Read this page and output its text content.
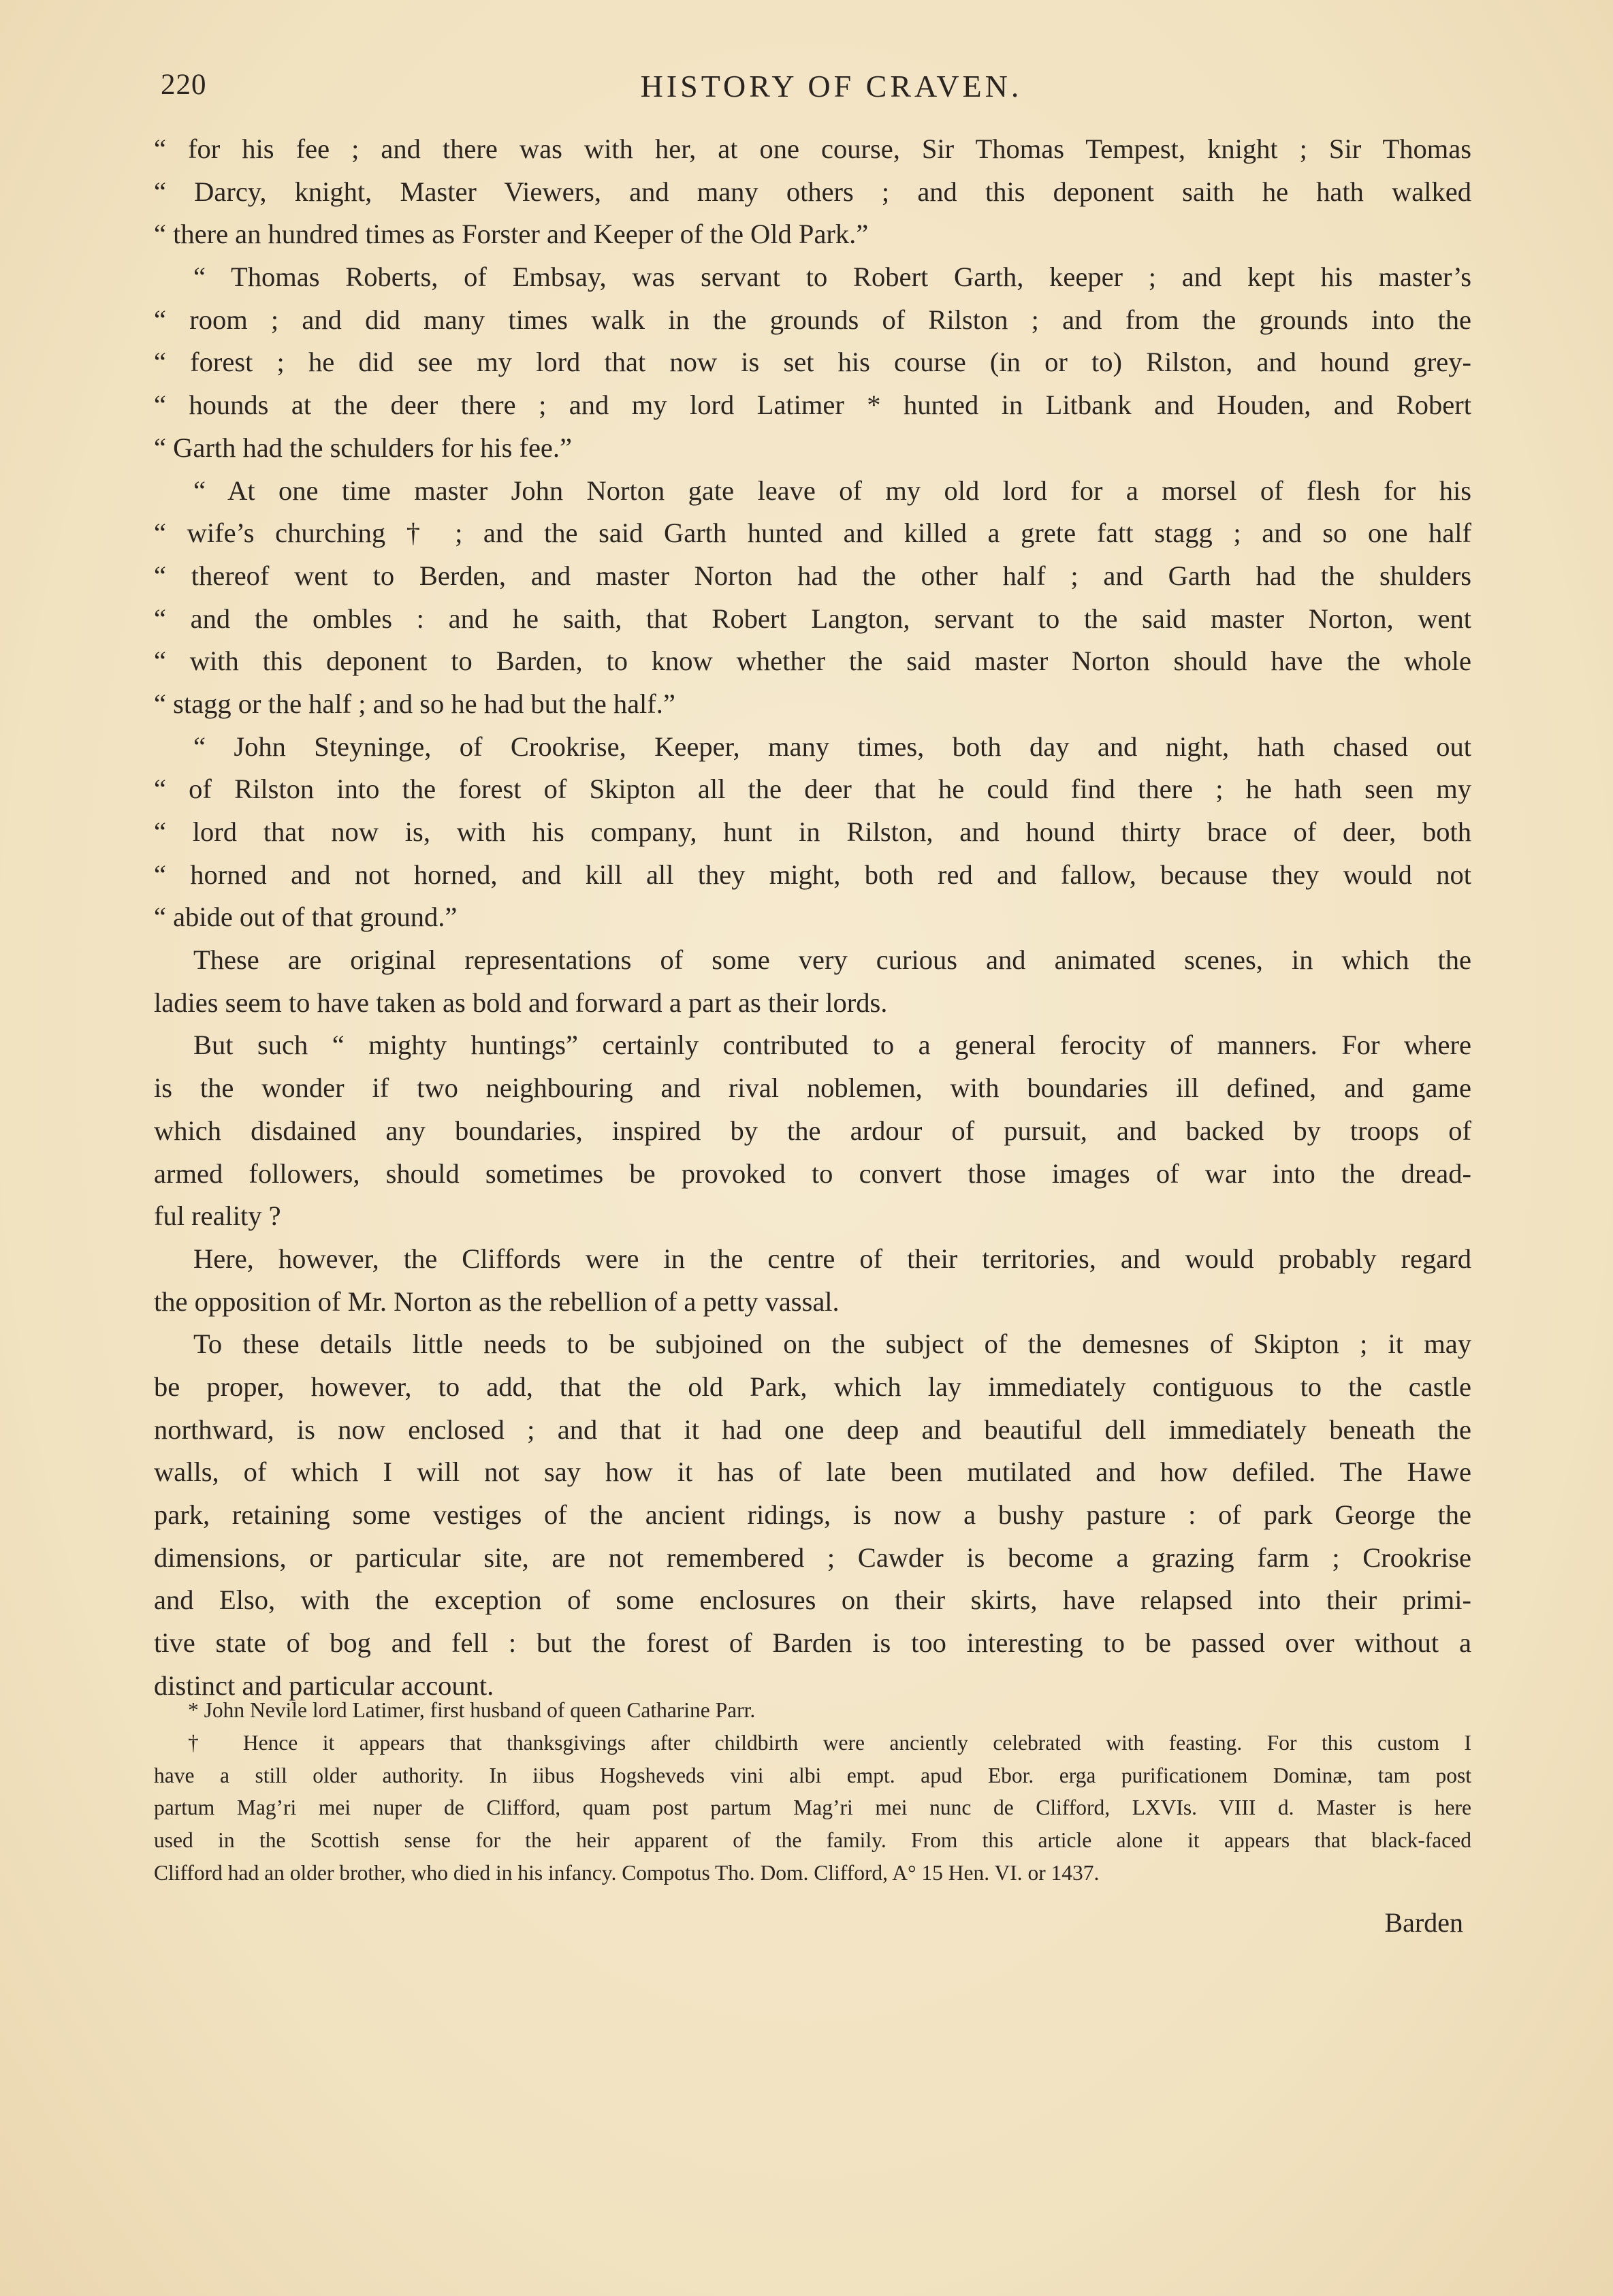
220	HISTORY OF CRAVEN.
“ for his fee ; and there was with her, at one course, Sir Thomas Tempest, knight ; Sir Thomas
“ Darcy, knight, Master Viewers, and many others ; and this deponent saith he hath walked
“ there an hundred times as Forster and Keeper of the Old Park.”
“ Thomas Roberts, of Embsay, was servant to Robert Garth, keeper ; and kept his master’s
“ room ; and did many times walk in the grounds of Rilston ; and from the grounds into the
“ forest ; he did see my lord that now is set his course (in or to) Rilston, and hound grey-
“ hounds at the deer there ; and my lord Latimer * hunted in Litbank and Houden, and Robert
“ Garth had the schulders for his fee.”
“ At one time master John Norton gate leave of my old lord for a morsel of flesh for his
“ wife’s churching † ; and the said Garth hunted and killed a grete fatt stagg ; and so one half
“ thereof went to Berden, and master Norton had the other half ; and Garth had the shulders
“ and the ombles : and he saith, that Robert Langton, servant to the said master Norton, went
“ with this deponent to Barden, to know whether the said master Norton should have the whole
“ stagg or the half ; and so he had but the half.”
“ John Steyninge, of Crookrise, Keeper, many times, both day and night, hath chased out
“ of Rilston into the forest of Skipton all the deer that he could find there ; he hath seen my
“ lord that now is, with his company, hunt in Rilston, and hound thirty brace of deer, both
“ horned and not horned, and kill all they might, both red and fallow, because they would not
“ abide out of that ground.”
These are original representations of some very curious and animated scenes, in which the
ladies seem to have taken as bold and forward a part as their lords.
But such “ mighty huntings” certainly contributed to a general ferocity of manners. For where
is the wonder if two neighbouring and rival noblemen, with boundaries ill defined, and game
which disdained any boundaries, inspired by the ardour of pursuit, and backed by troops of
armed followers, should sometimes be provoked to convert those images of war into the dread-
ful reality ?
Here, however, the Cliffords were in the centre of their territories, and would probably regard
the opposition of Mr. Norton as the rebellion of a petty vassal.
To these details little needs to be subjoined on the subject of the demesnes of Skipton ; it may
be proper, however, to add, that the old Park, which lay immediately contiguous to the castle
northward, is now enclosed ; and that it had one deep and beautiful dell immediately beneath the
walls, of which I will not say how it has of late been mutilated and how defiled. The Hawe
park, retaining some vestiges of the ancient ridings, is now a bushy pasture : of park George the
dimensions, or particular site, are not remembered ; Cawder is become a grazing farm ; Crookrise
and Elso, with the exception of some enclosures on their skirts, have relapsed into their primi-
tive state of bog and fell : but the forest of Barden is too interesting to be passed over without a
distinct and particular account.
* John Nevile lord Latimer, first husband of queen Catharine Parr.
† Hence it appears that thanksgivings after childbirth were anciently celebrated with feasting. For this custom I
have a still older authority. In iibus Hogsheveds vini albi empt. apud Ebor. erga purificationem Dominæ, tam post
partum Mag’ri mei nuper de Clifford, quam post partum Mag’ri mei nunc de Clifford, LXVIs. VIII d. Master is here
used in the Scottish sense for the heir apparent of the family. From this article alone it appears that black-faced
Clifford had an older brother, who died in his infancy. Compotus Tho. Dom. Clifford, A° 15 Hen. VI. or 1437.
Barden
